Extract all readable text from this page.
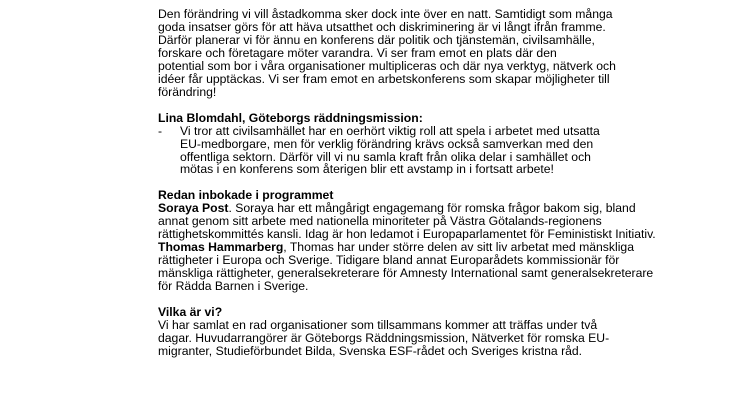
Den förändring vi vill åstadkomma sker dock inte över en natt. Samtidigt som många
goda insatser görs för att häva utsatthet och diskriminering är vi långt ifrån framme.
Därför planerar vi för ännu en konferens där politik och tjänstemän, civilsamhälle,
forskare och företagare möter varandra. Vi ser fram emot en plats där den
potential som bor i våra organisationer multipliceras och där nya verktyg, nätverk och
idéer får upptäckas. Vi ser fram emot en arbetskonferens som skapar möjligheter till
förändring!

Lina Blomdahl, Göteborgs räddningsmission:

- Vi tror att civilsamhället har en oerhört viktig roll att spela i arbetet med utsatta
EU-medborgare, men för verklig förändring krävs också samverkan med den
offentliga sektorn. Därför vill vi nu samla kraft från olika delar i samhället och
mötas i en konferens som återigen blir ett avstamp in i fortsatt arbete!

Redan inbokade i programmet

Soraya Post. Soraya har ett mångårigt engagemang för romska frågor bakom sig, bland
annat genom sitt arbete med nationella minoriteter på Västra Götalands-regionens
rättighetskommittés kansli. Idag är hon ledamot i Europaparlamentet för Feministiskt Initiativ.

Thomas Hammarberg, Thomas har under större delen av sitt liv arbetat med mänskliga
rättigheter i Europa och Sverige. Tidigare bland annat Europarådets kommissionär för
mänskliga rättigheter, generalsekreterare för Amnesty International samt generalsekreterare
för Rädda Barnen i Sverige.

Vilka är vi?

Vi har samlat en rad organisationer som tillsammans kommer att träffas under två
dagar. Huvudarrangörer är Göteborgs Räddningsmission, Nätverket för romska EU-
migranter, Studieförbundet Bilda, Svenska ESF-rådet och Sveriges kristna råd.
